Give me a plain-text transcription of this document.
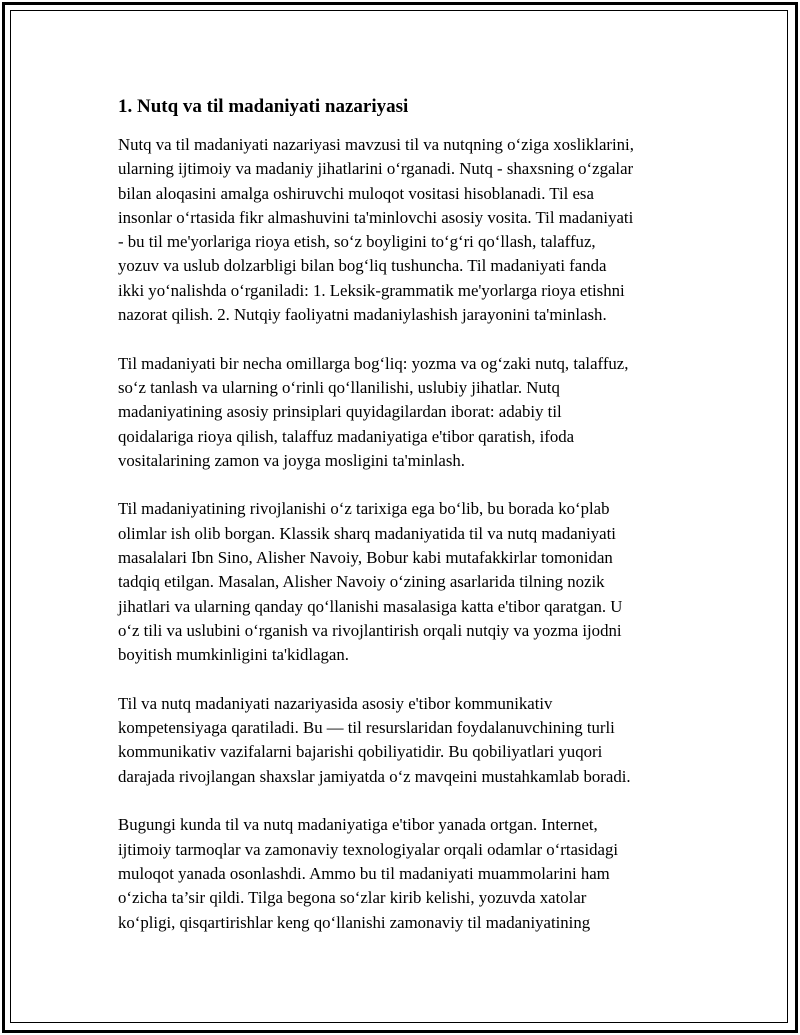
1. Nutq va til madaniyati nazariyasi
Nutq va til madaniyati nazariyasi mavzusi til va nutqning o‘ziga xosliklarini,
ularning ijtimoiy va madaniy jihatlarini o‘rganadi. Nutq - shaxsning o‘zgalar
bilan aloqasini amalga oshiruvchi muloqot vositasi hisoblanadi. Til esa
insonlar o‘rtasida fikr almashuvini ta'minlovchi asosiy vosita. Til madaniyati
- bu til me'yorlariga rioya etish, so‘z boyligini to‘g‘ri qo‘llash, talaffuz,
yozuv va uslub dolzarbligi bilan bog‘liq tushuncha. Til madaniyati fanda
ikki yo‘nalishda o‘rganiladi: 1. Leksik-grammatik me'yorlarga rioya etishni
nazorat qilish. 2. Nutqiy faoliyatni madaniylashish jarayonini ta'minlash.
Til madaniyati bir necha omillarga bog‘liq: yozma va og‘zaki nutq, talaffuz,
so‘z tanlash va ularning o‘rinli qo‘llanilishi, uslubiy jihatlar. Nutq
madaniyatining asosiy prinsiplari quyidagilardan iborat: adabiy til
qoidalariga rioya qilish, talaffuz madaniyatiga e'tibor qaratish, ifoda
vositalarining zamon va joyga mosligini ta'minlash.
Til madaniyatining rivojlanishi o‘z tarixiga ega bo‘lib, bu borada ko‘plab
olimlar ish olib borgan. Klassik sharq madaniyatida til va nutq madaniyati
masalalari Ibn Sino, Alisher Navoiy, Bobur kabi mutafakkirlar tomonidan
tadqiq etilgan. Masalan, Alisher Navoiy o‘zining asarlarida tilning nozik
jihatlari va ularning qanday qo‘llanishi masalasiga katta e'tibor qaratgan. U
o‘z tili va uslubini o‘rganish va rivojlantirish orqali nutqiy va yozma ijodni
boyitish mumkinligini ta'kidlagan.
Til va nutq madaniyati nazariyasida asosiy e'tibor kommunikativ
kompetensiyaga qaratiladi. Bu — til resurslaridan foydalanuvchining turli
kommunikativ vazifalarni bajarishi qobiliyatidir. Bu qobiliyatlari yuqori
darajada rivojlangan shaxslar jamiyatda o‘z mavqeini mustahkamlab boradi.
Bugungi kunda til va nutq madaniyatiga e'tibor yanada ortgan. Internet,
ijtimoiy tarmoqlar va zamonaviy texnologiyalar orqali odamlar o‘rtasidagi
muloqot yanada osonlashdi. Ammo bu til madaniyati muammolarini ham
o‘zicha ta’sir qildi. Tilga begona so‘zlar kirib kelishi, yozuvda xatolar
ko‘pligi, qisqartirishlar keng qo‘llanishi zamonaviy til madaniyatining
